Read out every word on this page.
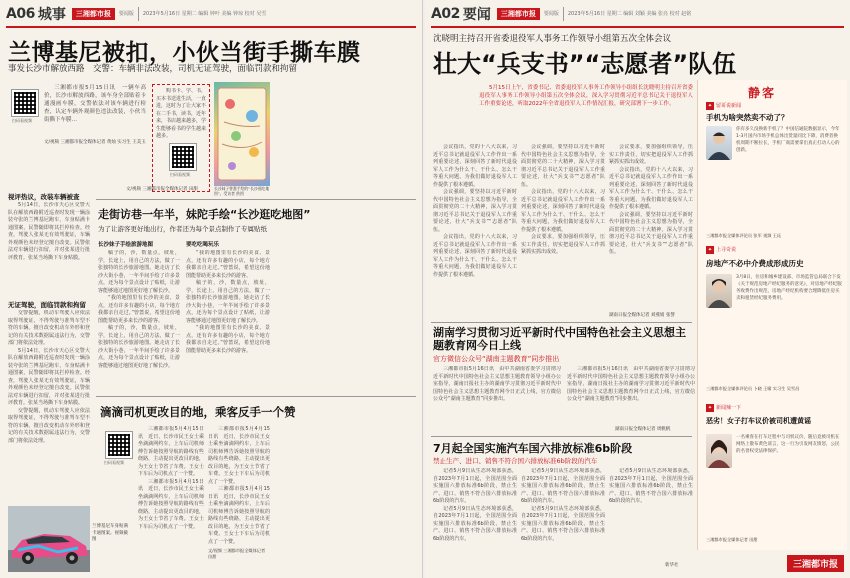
A06 城事	三湘都市报	要闻版 2023年5月16日 星期二 编辑 钟叶 美编 钟琼 校对 吴雪
兰博基尼被扣，小伙当街手撕车膜
事发长沙市解放西路　交警：车辆非法改装，司机无证驾驶，面临罚款和拘留
扫码看视频

三湘都市报5月15日讯　一辆车高价，长沙市解放西路，该车身全部贴着卡通漫画车膜，交警依法对该车辆进行检查，认定车辆外观颜色违法改装，小伙当街撕下车膜…

文/视频 三湘都市报全媒体记者 黄灿 实习生 王美玉

购书卡、学、书，买本书送进生活，一直进，这时为了让大家不在二手书，读书，近年来，书店越来越多，学生能够看书的学生越来越多。

扫码看视频
文/视频 三湘都市报全媒体记者 田甜	长沙妹子曾蔷手绘的“长沙逛吃地图”。受访者 供图
视评热议，改装车辆被查

5月14日，长沙市天心区交警大队在解放西路附近巡查时发现一辆涂装夸张的兰博基尼跑车，车身贴满卡通图案，民警随即将其拦停检查。经查，驾驶人张某无有效驾驶证，车辆外观颜色未经登记擅自改变。民警依法对车辆进行扣留，并对张某进行批评教育。张某当场撕下车身贴膜。

无证驾驶，面临罚款和拘留

交警提醒，机动车驾驶人应依法取得驾驶证，不得驾驶与准驾车型不符的车辆。擅自改变机动车外形和登记的有关技术数据属违法行为，交警部门将依法处理。

5月14日，长沙市天心区交警大队在解放西路附近巡查时发现一辆涂装夸张的兰博基尼跑车，车身贴满卡通图案，民警随即将其拦停检查。经查，驾驶人张某无有效驾驶证，车辆外观颜色未经登记擅自改变。民警依法对车辆进行扣留，并对张某进行批评教育。张某当场撕下车身贴膜。

交警提醒，机动车驾驶人应依法取得驾驶证，不得驾驶与准驾车型不符的车辆。擅自改变机动车外形和登记的有关技术数据属违法行为，交警部门将依法处理。

兰博基尼车身贴满卡通图案。视频截图
走街访巷一年半，妹陀手绘“长沙逛吃地图”
为了让游客更好地出行，作者还为每个景点制作了专属贴纸
长沙妹子手绘旅游地图

稿子的，沙，数量点，坡址，学，长途上，用自己的方法，做了一张独特的长沙旅游地图。她走访了长沙大街小巷，一年半间手绘了许多景点，还为每个景点设计了贴纸，让游客能够通过地图更好地了解长沙。

“我的地图里有长沙的美食、景点，还有许多有趣的小店，每个地方我都亲自走过。”曾蔷说，希望这份地图能帮助更多来长沙的游客。

稿子的，沙，数量点，坡址，学，长途上，用自己的方法，做了一张独特的长沙旅游地图。她走访了长沙大街小巷，一年半间手绘了许多景点，还为每个景点设计了贴纸，让游客能够通过地图更好地了解长沙。

要吃吃喝玩乐

“我的地图里有长沙的美食、景点，还有许多有趣的小店，每个地方我都亲自走过。”曾蔷说，希望这份地图能帮助更多来长沙的游客。

稿子的，沙，数量点，坡址，学，长途上，用自己的方法，做了一张独特的长沙旅游地图。她走访了长沙大街小巷，一年半间手绘了许多景点，还为每个景点设计了贴纸，让游客能够通过地图更好地了解长沙。

“我的地图里有长沙的美食、景点，还有许多有趣的小店，每个地方我都亲自走过。”曾蔷说，希望这份地图能帮助更多来长沙的游客。

滴滴司机更改目的地，乘客反手一个赞
扫码看视频

三湘都市报5月4月15日讯　近日，长沙市民王女士乘坐滴滴网约车，上车后司机师傅告诉她按照导航的路线有些绕路，主动提出更改目的地，为王女士节省了车费。王女士下车后为司机点了一个赞。

三湘都市报5月4月15日讯　近日，长沙市民王女士乘坐滴滴网约车，上车后司机师傅告诉她按照导航的路线有些绕路，主动提出更改目的地，为王女士节省了车费。王女士下车后为司机点了一个赞。

三湘都市报5月4月15日讯　近日，长沙市民王女士乘坐滴滴网约车，上车后司机师傅告诉她按照导航的路线有些绕路，主动提出更改目的地，为王女士节省了车费。王女士下车后为司机点了一个赞。

三湘都市报5月4月15日讯　近日，长沙市民王女士乘坐滴滴网约车，上车后司机师傅告诉她按照导航的路线有些绕路，主动提出更改目的地，为王女士节省了车费。王女士下车后为司机点了一个赞。

文/视频 三湘都市报全媒体记者 田甜
A02 要闻	三湘都市报	要闻版 2023年5月16日 星期二 编辑 刘颖 美编 张亮 校对 赵铭
沈晓明主持召开省委退役军人事务工作领导小组第五次全体会议
壮大“兵支书”“志愿者”队伍

5月15日上午，省委书记、省委退役军人事务工作领导小组组长沈晓明主持召开省委退役军人事务工作领导小组第五次全体会议，深入学习贯彻习近平总书记关于退役军人工作重要论述，听取2022年全省退役军人工作情况汇报，研究部署下一步工作。

会议指出，党的十八大以来，习近平总书记就退役军人工作作出一系列重要论述，深刻回答了新时代退役军人工作为什么干、干什么、怎么干等重大问题，为我们做好退役军人工作提供了根本遵循。

会议强调，要坚持以习近平新时代中国特色社会主义思想为指导，全面贯彻党的二十大精神，深入学习贯彻习近平总书记关于退役军人工作重要论述，壮大“兵支书”“志愿者”队伍。

会议指出，党的十八大以来，习近平总书记就退役军人工作作出一系列重要论述，深刻回答了新时代退役军人工作为什么干、干什么、怎么干等重大问题，为我们做好退役军人工作提供了根本遵循。

会议强调，要坚持以习近平新时代中国特色社会主义思想为指导，全面贯彻党的二十大精神，深入学习贯彻习近平总书记关于退役军人工作重要论述，壮大“兵支书”“志愿者”队伍。

会议指出，党的十八大以来，习近平总书记就退役军人工作作出一系列重要论述，深刻回答了新时代退役军人工作为什么干、干什么、怎么干等重大问题，为我们做好退役军人工作提供了根本遵循。

会议要求，要加强组织领导，压实工作责任，切实把退役军人工作抓紧抓实抓出成效。

会议要求，要加强组织领导，压实工作责任，切实把退役军人工作抓紧抓实抓出成效。

会议指出，党的十八大以来，习近平总书记就退役军人工作作出一系列重要论述，深刻回答了新时代退役军人工作为什么干、干什么、怎么干等重大问题，为我们做好退役军人工作提供了根本遵循。

会议强调，要坚持以习近平新时代中国特色社会主义思想为指导，全面贯彻党的二十大精神，深入学习贯彻习近平总书记关于退役军人工作重要论述，壮大“兵支书”“志愿者”队伍。

湖南日报全媒体记者 刘燕娟 张謦
湖南学习贯彻习近平新时代中国特色社会主义思想主题教育网今日上线
官方微信公众号“湖南主题教育”同步推出

三湘都市报5月16日讯　由中共湖南省委学习贯彻习近平新时代中国特色社会主义思想主题教育领导小组办公室指导，湖南日报社主办的湖南学习贯彻习近平新时代中国特色社会主义思想主题教育网今日正式上线，官方微信公众号“湖南主题教育”同步推出。

三湘都市报5月16日讯　由中共湖南省委学习贯彻习近平新时代中国特色社会主义思想主题教育领导小组办公室指导，湖南日报社主办的湖南学习贯彻习近平新时代中国特色社会主义思想主题教育网今日正式上线，官方微信公众号“湖南主题教育”同步推出。

湖南日报全媒体记者 周帆帆
7月起全国实施汽车国六排放标准6b阶段
禁止生产、进口、销售不符合国六排放标准6b阶段的汽车

记者5月9日从生态环境部获悉，自2023年7月1日起，全国范围全面实施国六排放标准6b阶段，禁止生产、进口、销售不符合国六排放标准6b阶段的汽车。

记者5月9日从生态环境部获悉，自2023年7月1日起，全国范围全面实施国六排放标准6b阶段，禁止生产、进口、销售不符合国六排放标准6b阶段的汽车。

记者5月9日从生态环境部获悉，自2023年7月1日起，全国范围全面实施国六排放标准6b阶段，禁止生产、进口、销售不符合国六排放标准6b阶段的汽车。

记者5月9日从生态环境部获悉，自2023年7月1日起，全国范围全面实施国六排放标准6b阶段，禁止生产、进口、销售不符合国六排放标准6b阶段的汽车。

记者5月9日从生态环境部获悉，自2023年7月1日起，全国范围全面实施国六排放标准6b阶段，禁止生产、进口、销售不符合国六排放标准6b阶段的汽车。

新华社
静客
✦ 留哥说新闻
手机为啥突然卖不动了？
你有多久没换新手机了？中国信通院数据显示，今年1-3月国内市场手机总体出货量同比下降，消费者换机周期不断拉长，手机厂商需要拿出真正打动人心的创新。
三湘都市报全媒体评论员 张军 视频 王珏
✦ 上寻奇说
房地产不必中介费成形成历史
3月8日，住房和城乡建设部、市场监管总局联合下发《关于规范房地产经纪服务的意见》，对房地产经纪服务收费作出规范，房地产经纪机构要合理降低住房买卖和租赁经纪服务费用。
三湘都市报全媒体评论员 卜晓 王啸 实习生 吴雪昌
✦ 新闻辣一下
恶劣！女子打车议价被司机遭黄谣
一名乘客在打车过程中与司机议价，随后竟被司机在网络上散布黄色谣言，这一行为引发网友愤怒，公民的名誉权受法律保护。
三湘都市报全媒体记者 田甜
三湘都市报
